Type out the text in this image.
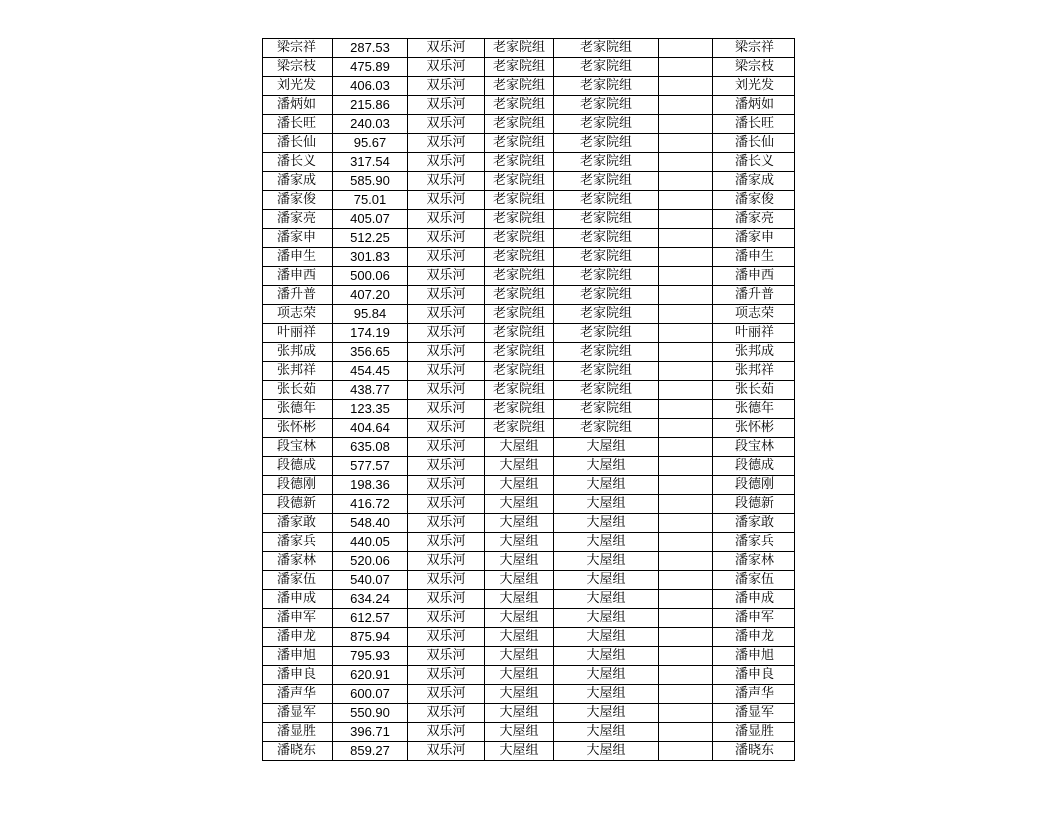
梁宗祥	287.53	双乐河	老家院组	老家院组		梁宗祥
梁宗枝	475.89	双乐河	老家院组	老家院组		梁宗枝
刘光发	406.03	双乐河	老家院组	老家院组		刘光发
潘炳如	215.86	双乐河	老家院组	老家院组		潘炳如
潘长旺	240.03	双乐河	老家院组	老家院组		潘长旺
潘长仙	95.67	双乐河	老家院组	老家院组		潘长仙
潘长义	317.54	双乐河	老家院组	老家院组		潘长义
潘家成	585.90	双乐河	老家院组	老家院组		潘家成
潘家俊	75.01	双乐河	老家院组	老家院组		潘家俊
潘家亮	405.07	双乐河	老家院组	老家院组		潘家亮
潘家申	512.25	双乐河	老家院组	老家院组		潘家申
潘申生	301.83	双乐河	老家院组	老家院组		潘申生
潘申西	500.06	双乐河	老家院组	老家院组		潘申西
潘升普	407.20	双乐河	老家院组	老家院组		潘升普
项志荣	95.84	双乐河	老家院组	老家院组		项志荣
叶丽祥	174.19	双乐河	老家院组	老家院组		叶丽祥
张邦成	356.65	双乐河	老家院组	老家院组		张邦成
张邦祥	454.45	双乐河	老家院组	老家院组		张邦祥
张长茹	438.77	双乐河	老家院组	老家院组		张长茹
张德年	123.35	双乐河	老家院组	老家院组		张德年
张怀彬	404.64	双乐河	老家院组	老家院组		张怀彬
段宝林	635.08	双乐河	大屋组	大屋组		段宝林
段德成	577.57	双乐河	大屋组	大屋组		段德成
段德刚	198.36	双乐河	大屋组	大屋组		段德刚
段德新	416.72	双乐河	大屋组	大屋组		段德新
潘家敢	548.40	双乐河	大屋组	大屋组		潘家敢
潘家兵	440.05	双乐河	大屋组	大屋组		潘家兵
潘家林	520.06	双乐河	大屋组	大屋组		潘家林
潘家伍	540.07	双乐河	大屋组	大屋组		潘家伍
潘申成	634.24	双乐河	大屋组	大屋组		潘申成
潘申军	612.57	双乐河	大屋组	大屋组		潘申军
潘申龙	875.94	双乐河	大屋组	大屋组		潘申龙
潘申旭	795.93	双乐河	大屋组	大屋组		潘申旭
潘申良	620.91	双乐河	大屋组	大屋组		潘申良
潘声华	600.07	双乐河	大屋组	大屋组		潘声华
潘显军	550.90	双乐河	大屋组	大屋组		潘显军
潘显胜	396.71	双乐河	大屋组	大屋组		潘显胜
潘晓东	859.27	双乐河	大屋组	大屋组		潘晓东
